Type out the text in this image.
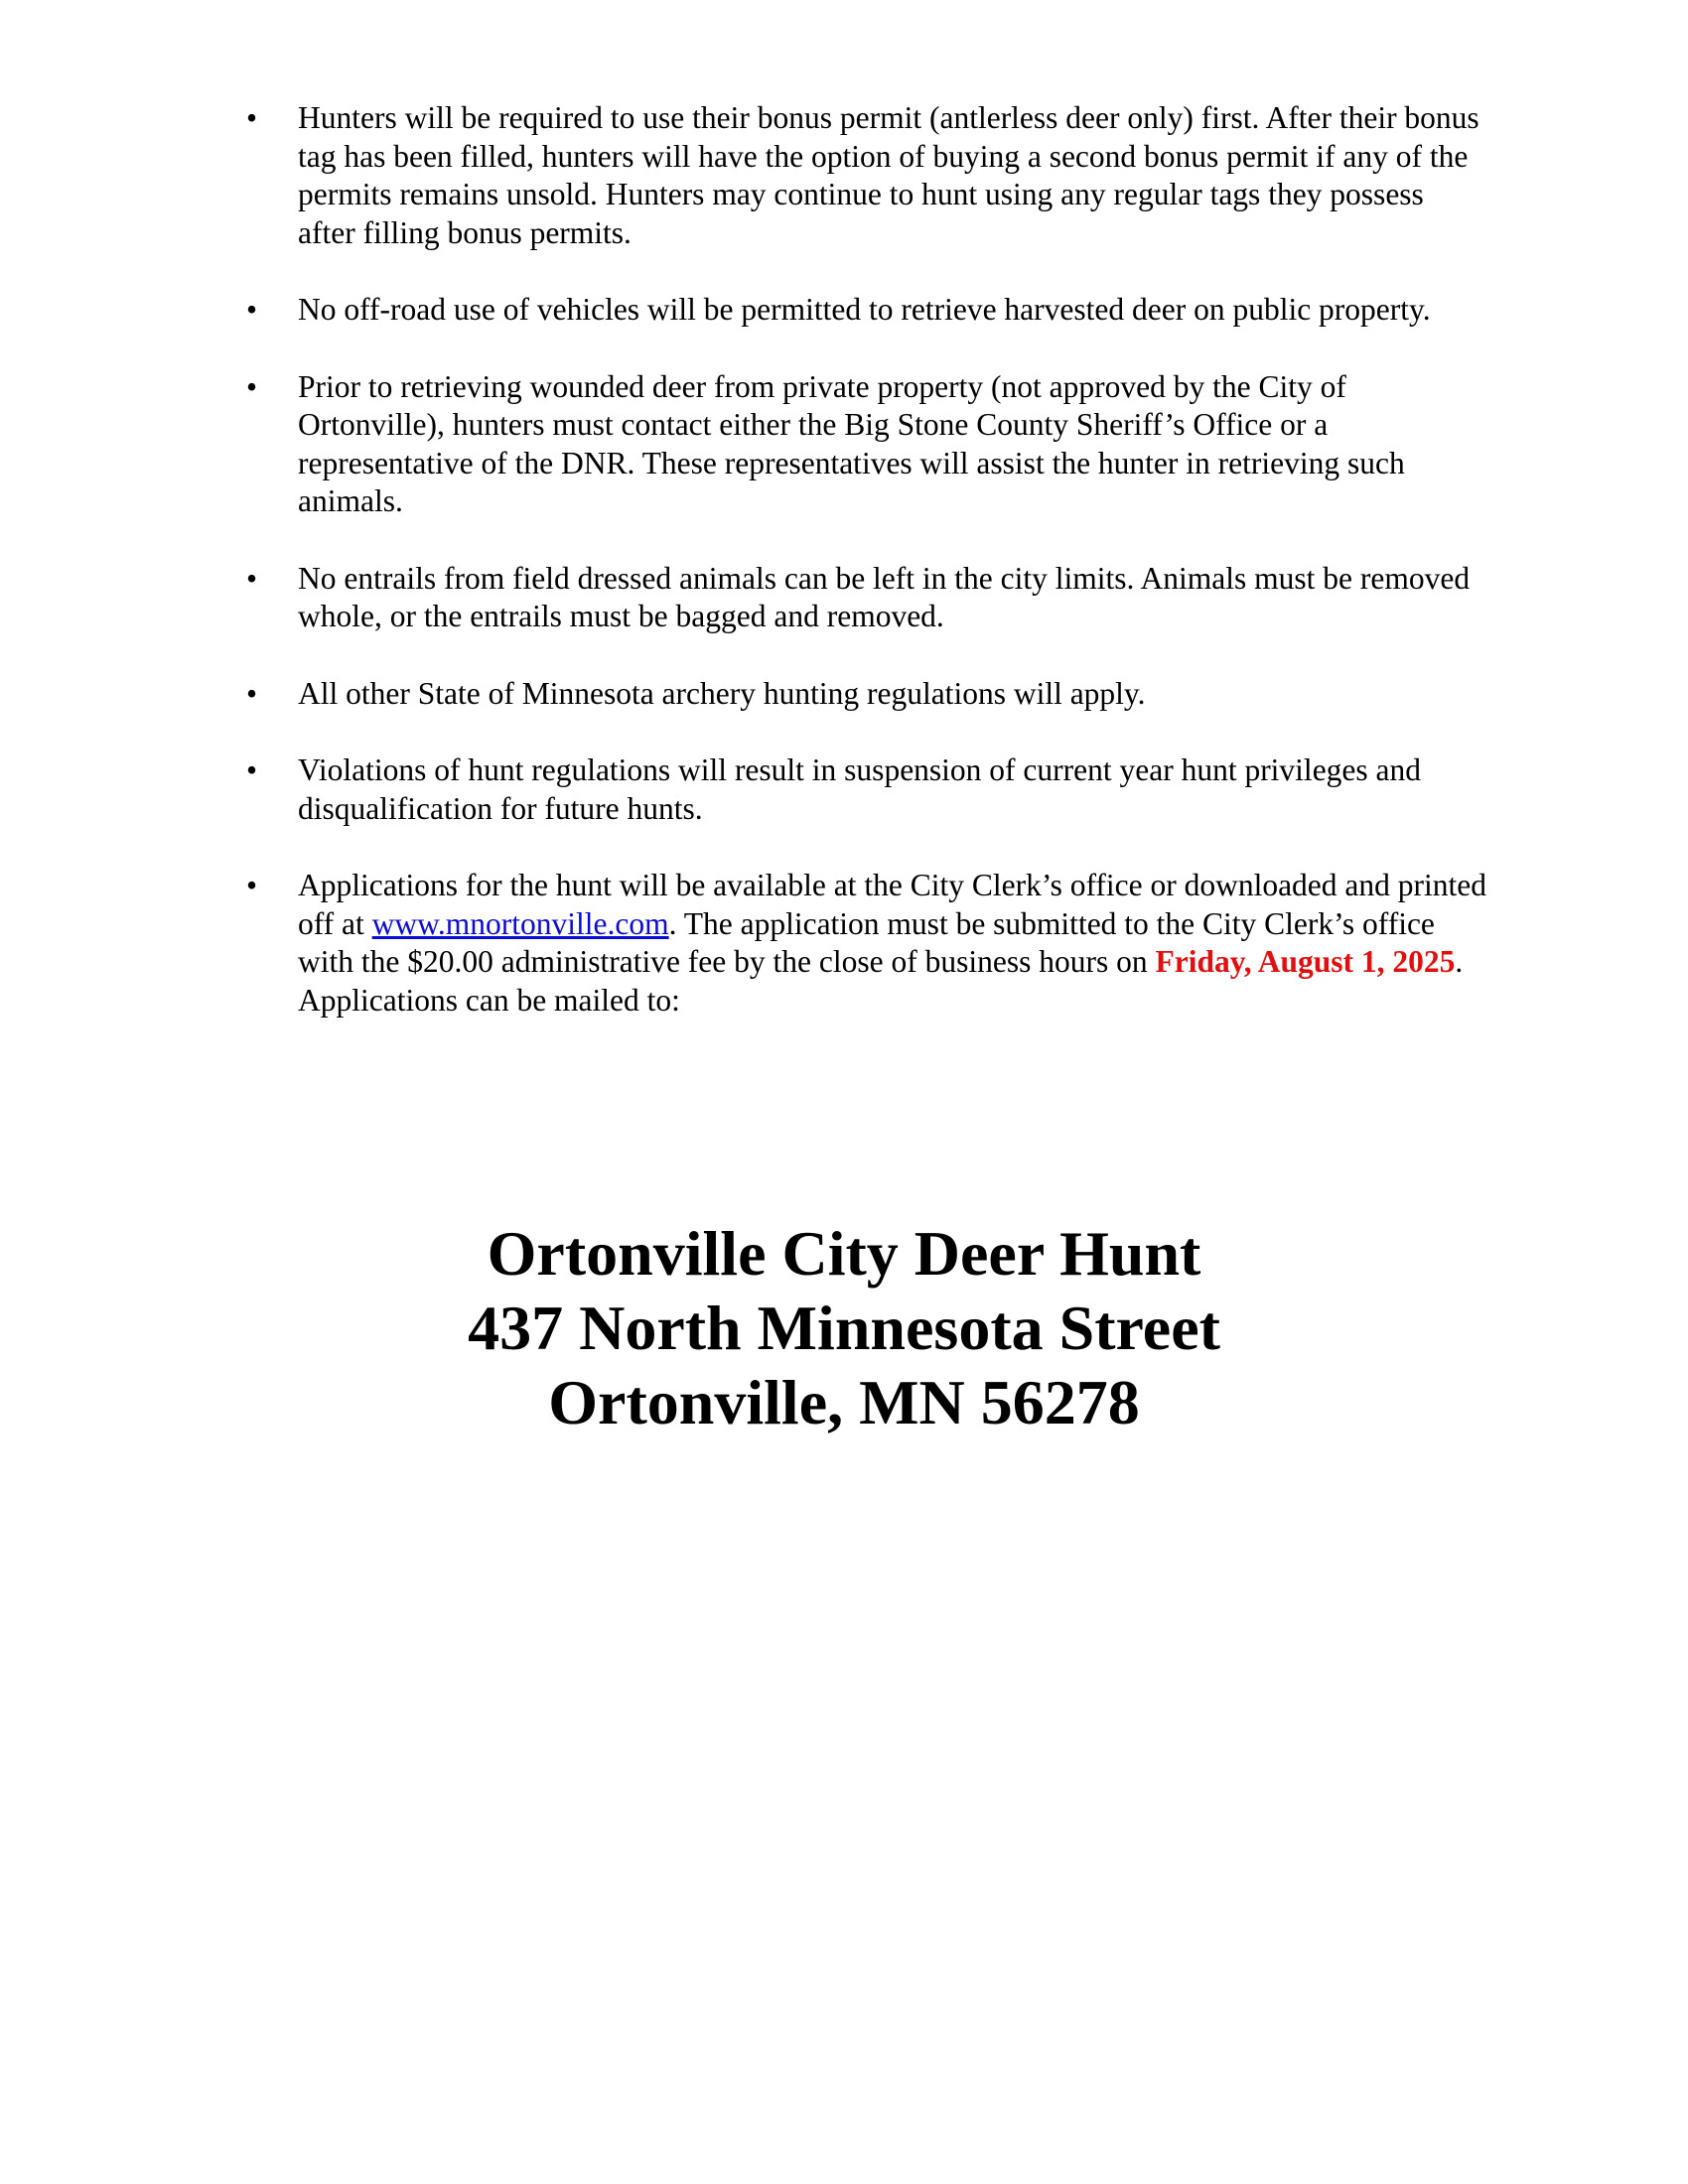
• Hunters will be required to use their bonus permit (antlerless deer only) first. After their bonus tag has been filled, hunters will have the option of buying a second bonus permit if any of the permits remains unsold. Hunters may continue to hunt using any regular tags they possess after filling bonus permits.
• No off-road use of vehicles will be permitted to retrieve harvested deer on public property.
• Prior to retrieving wounded deer from private property (not approved by the City of Ortonville), hunters must contact either the Big Stone County Sheriff’s Office or a representative of the DNR. These representatives will assist the hunter in retrieving such animals.
• No entrails from field dressed animals can be left in the city limits. Animals must be removed whole, or the entrails must be bagged and removed.
• All other State of Minnesota archery hunting regulations will apply.
• Violations of hunt regulations will result in suspension of current year hunt privileges and disqualification for future hunts.
• Applications for the hunt will be available at the City Clerk’s office or downloaded and printed off at www.mnortonville.com. The application must be submitted to the City Clerk’s office with the $20.00 administrative fee by the close of business hours on Friday, August 1, 2025. Applications can be mailed to:
Ortonville City Deer Hunt
437 North Minnesota Street
Ortonville, MN 56278
